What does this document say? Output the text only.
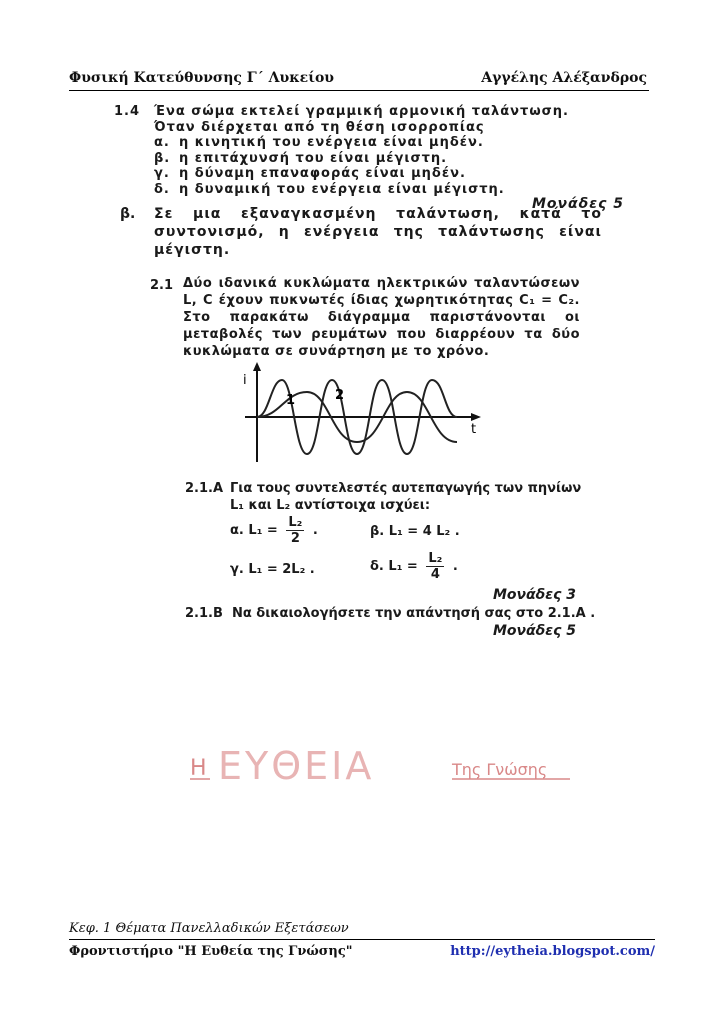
Φυσική Κατεύθυνσης Γ΄ Λυκείου	Αγγέλης Αλέξανδρος
1.4 Ένα σώμα εκτελεί γραμμική αρμονική ταλάντωση.
Όταν διέρχεται από τη θέση ισορροπίας
α. η κινητική του ενέργεια είναι μηδέν.
β. η επιτάχυνσή του είναι μέγιστη.
γ. η δύναμη επαναφοράς είναι μηδέν.
δ. η δυναμική του ενέργεια είναι μέγιστη.
Μονάδες 5
β. Σε μια εξαναγκασμένη ταλάντωση, κατά το συντονισμό, η ενέργεια της ταλάντωσης είναι μέγιστη.
2.1 Δύο ιδανικά κυκλώματα ηλεκτρικών ταλαντώσεων L, C έχουν πυκνωτές ίδιας χωρητικότητας C₁ = C₂. Στο παρακάτω διάγραμμα παριστάνονται οι μεταβολές των ρευμάτων που διαρρέουν τα δύο κυκλώματα σε συνάρτηση με το χρόνο.
i
t
1	2
2.1.Α Για τους συντελεστές αυτεπαγωγής των πηνίων L₁ και L₂ αντίστοιχα ισχύει:
α. $L_1 = \frac{\text{L₂}}{2}$ .	β. L₁ = 4 L₂ .
γ. L₁ = 2L₂ .	δ. $L_1 = \frac{\text{L₂}}{4}$ .
Μονάδες 3
2.1.Β Να δικαιολογήσετε την απάντησή σας στο 2.1.Α .
Μονάδες 5
Η ΕΥΘΕΙΑ	Της Γνώσης
Κεφ. 1 Θέματα Πανελλαδικών Εξετάσεων
Φροντιστήριο "Η Ευθεία της Γνώσης"	http://eytheia.blogspot.com/
